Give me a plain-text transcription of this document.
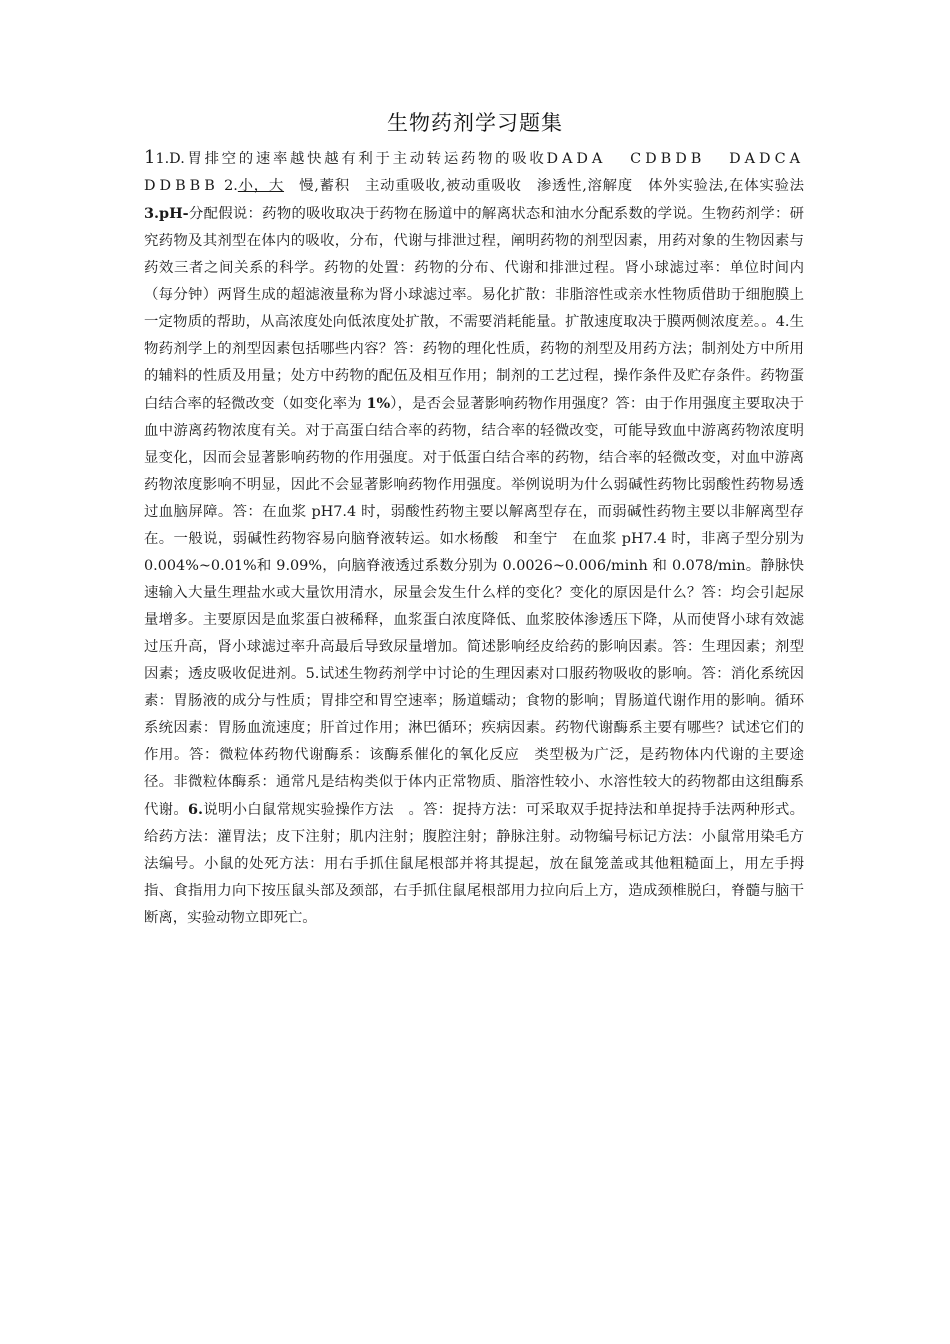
生物药剂学习题集
11.D.胃排空的速率越快越有利于主动转运药物的吸收DADA　CDBDB　DADCA　DDBBB 2.小，大　慢,蓄积　主动重吸收,被动重吸收　渗透性,溶解度　体外实验法,在体实验法 3.pH-分配假说：药物的吸收取决于药物在肠道中的解离状态和油水分配系数的学说。生物药剂学：研究药物及其剂型在体内的吸收，分布，代谢与排泄过程，阐明药物的剂型因素，用药对象的生物因素与药效三者之间关系的科学。药物的处置：药物的分布、代谢和排泄过程。肾小球滤过率：单位时间内（每分钟）两肾生成的超滤液量称为肾小球滤过率。易化扩散：非脂溶性或亲水性物质借助于细胞膜上一定物质的帮助，从高浓度处向低浓度处扩散，不需要消耗能量。扩散速度取决于膜两侧浓度差。。4.生物药剂学上的剂型因素包括哪些内容？答：药物的理化性质，药物的剂型及用药方法；制剂处方中所用的辅料的性质及用量；处方中药物的配伍及相互作用；制剂的工艺过程，操作条件及贮存条件。药物蛋白结合率的轻微改变（如变化率为 1%），是否会显著影响药物作用强度？答：由于作用强度主要取决于血中游离药物浓度有关。对于高蛋白结合率的药物，结合率的轻微改变，可能导致血中游离药物浓度明显变化，因而会显著影响药物的作用强度。对于低蛋白结合率的药物，结合率的轻微改变，对血中游离药物浓度影响不明显，因此不会显著影响药物作用强度。举例说明为什么弱碱性药物比弱酸性药物易透过血脑屏障。答：在血浆 pH7.4 时，弱酸性药物主要以解离型存在，而弱碱性药物主要以非解离型存在。一般说，弱碱性药物容易向脑脊液转运。如水杨酸　和奎宁　在血浆 pH7.4 时，非离子型分别为 0.004%~0.01%和 9.09%，向脑脊液透过系数分别为 0.0026~0.006/minh 和 0.078/min。静脉快速输入大量生理盐水或大量饮用清水，尿量会发生什么样的变化？变化的原因是什么？答：均会引起尿量增多。主要原因是血浆蛋白被稀释，血浆蛋白浓度降低、血浆胶体渗透压下降，从而使肾小球有效滤过压升高，肾小球滤过率升高最后导致尿量增加。简述影响经皮给药的影响因素。答：生理因素；剂型因素；透皮吸收促进剂。5.试述生物药剂学中讨论的生理因素对口服药物吸收的影响。答：消化系统因素：胃肠液的成分与性质；胃排空和胃空速率；肠道蠕动；食物的影响；胃肠道代谢作用的影响。循环系统因素：胃肠血流速度；肝首过作用；淋巴循环；疾病因素。药物代谢酶系主要有哪些？试述它们的作用。答：微粒体药物代谢酶系：该酶系催化的氧化反应　类型极为广泛，是药物体内代谢的主要途径。非微粒体酶系：通常凡是结构类似于体内正常物质、脂溶性较小、水溶性较大的药物都由这组酶系代谢。6.说明小白鼠常规实验操作方法　。答：捉持方法：可采取双手捉持法和单捉持手法两种形式。给药方法：灌胃法；皮下注射；肌内注射；腹腔注射；静脉注射。动物编号标记方法：小鼠常用染毛方法编号。小鼠的处死方法：用右手抓住鼠尾根部并将其提起，放在鼠笼盖或其他粗糙面上，用左手拇指、食指用力向下按压鼠头部及颈部，右手抓住鼠尾根部用力拉向后上方，造成颈椎脱臼，脊髓与脑干断离，实验动物立即死亡。
